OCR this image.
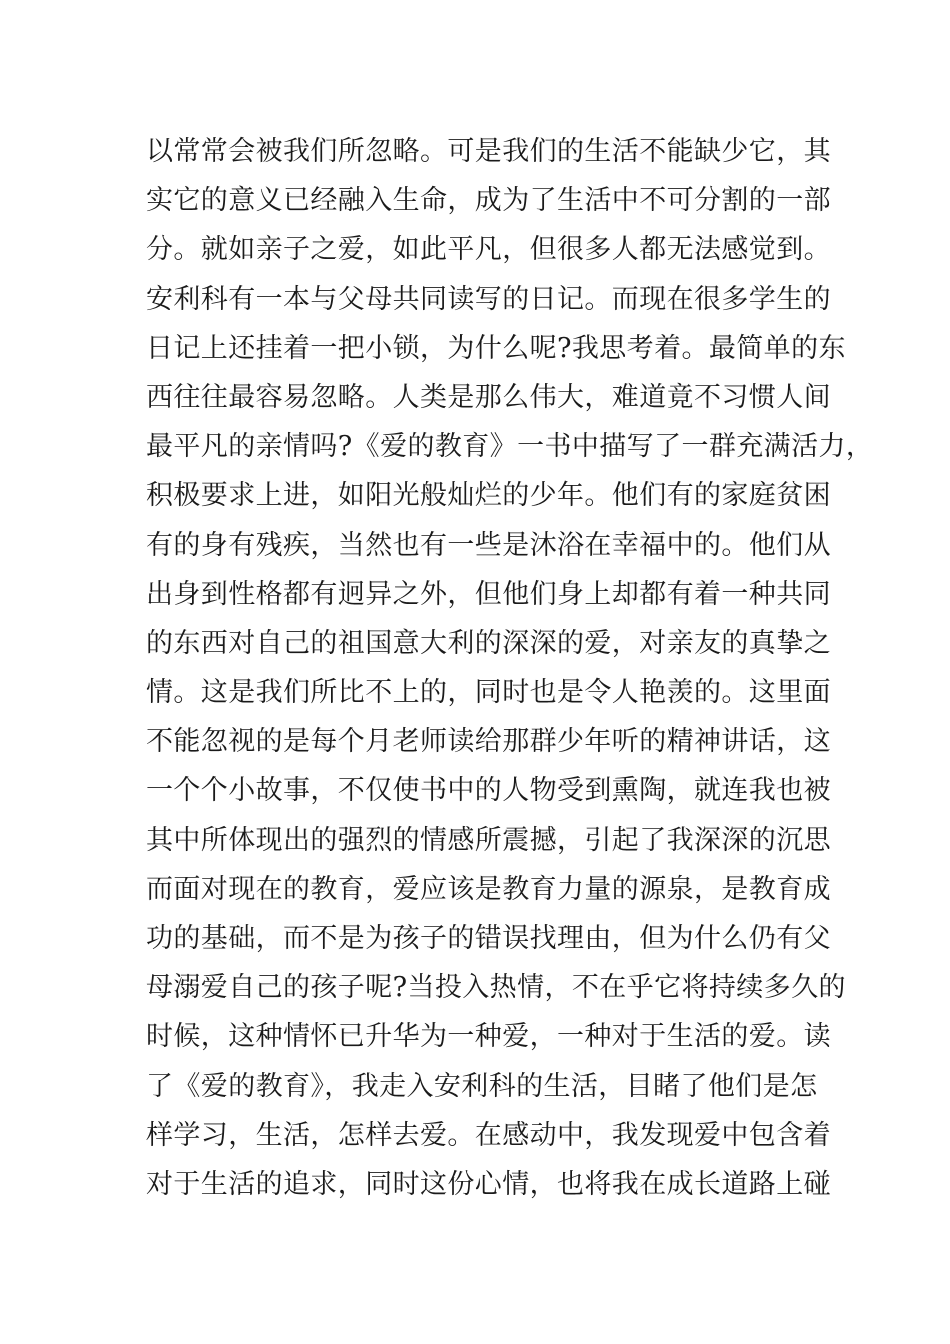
以常常会被我们所忽略。可是我们的生活不能缺少它，其
实它的意义已经融入生命，成为了生活中不可分割的一部
分。就如亲子之爱，如此平凡，但很多人都无法感觉到。
安利科有一本与父母共同读写的日记。而现在很多学生的
日记上还挂着一把小锁，为什么呢?我思考着。最简单的东
西往往最容易忽略。人类是那么伟大，难道竟不习惯人间
最平凡的亲情吗?《爱的教育》一书中描写了一群充满活力，
积极要求上进，如阳光般灿烂的少年。他们有的家庭贫困
有的身有残疾，当然也有一些是沐浴在幸福中的。他们从
出身到性格都有迥异之外，但他们身上却都有着一种共同
的东西对自己的祖国意大利的深深的爱，对亲友的真挚之
情。这是我们所比不上的，同时也是令人艳羡的。这里面
不能忽视的是每个月老师读给那群少年听的精神讲话，这
一个个小故事，不仅使书中的人物受到熏陶，就连我也被
其中所体现出的强烈的情感所震撼，引起了我深深的沉思
而面对现在的教育，爱应该是教育力量的源泉，是教育成
功的基础，而不是为孩子的错误找理由，但为什么仍有父
母溺爱自己的孩子呢?当投入热情，不在乎它将持续多久的
时候，这种情怀已升华为一种爱，一种对于生活的爱。读
了《爱的教育》，我走入安利科的生活，目睹了他们是怎
样学习，生活，怎样去爱。在感动中，我发现爱中包含着
对于生活的追求，同时这份心情，也将我在成长道路上碰
